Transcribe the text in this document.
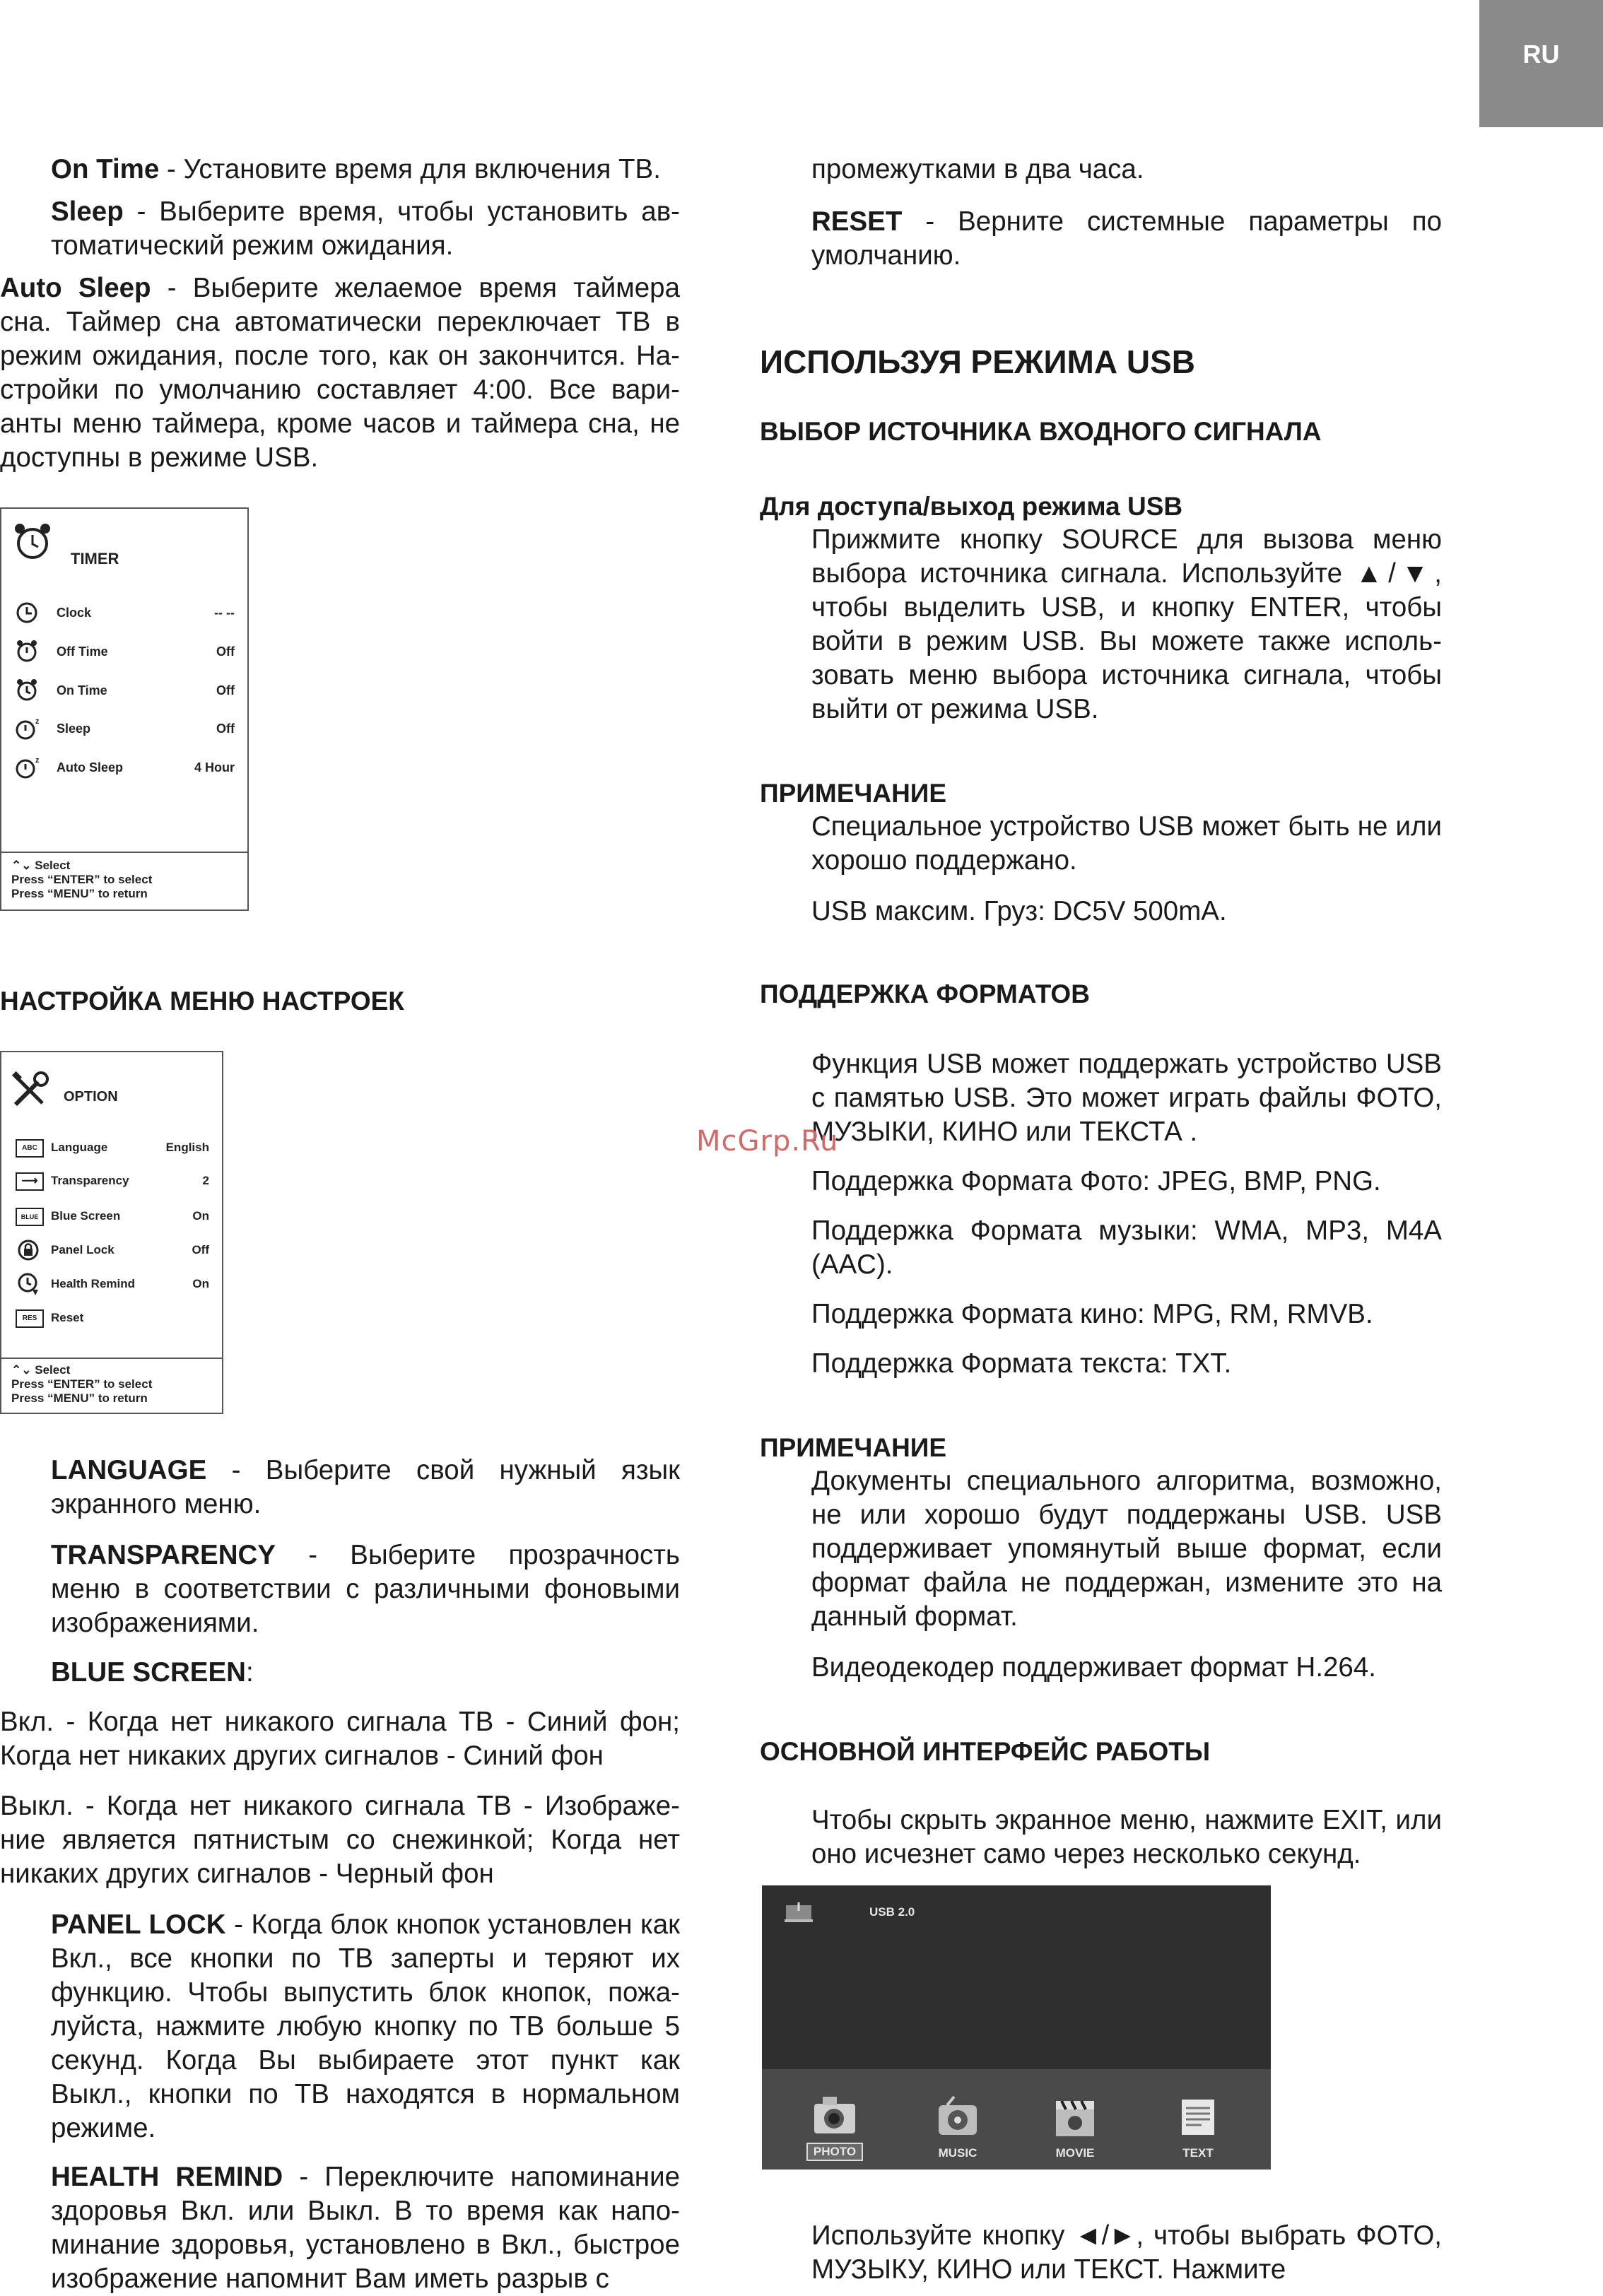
RU
On Time - Установите время для включения ТВ.
Sleep - Выберите время, чтобы установить автоматический режим ожидания.
Auto Sleep - Выберите желаемое время таймера сна. Таймер сна автоматически переключает ТВ в режим ожидания, после того, как он закончится. Настройки по умолчанию составляет 4:00. Все варианты меню таймера, кроме часов и таймера сна, не доступны в режиме USB.
TIMER
Clock	-- --
Off Time	Off
On Time	Off
z Sleep	Off
z Auto Sleep	4 Hour
⌃⌄ Select
Press “ENTER” to select
Press “MENU” to return
НАСТРОЙКА МЕНЮ НАСТРОЕК
OPTION
ABC	Language	English
⟶	Transparency	2
BLUE	Blue Screen	On
Panel Lock	Off
Health Remind	On
RES	Reset
⌃⌄ Select
Press “ENTER” to select
Press “MENU” to return
LANGUAGE - Выберите свой нужный язык экранного меню.
TRANSPARENCY - Выберите прозрачность меню в соответствии с различными фоновыми изображениями.
BLUE SCREEN:
Вкл. - Когда нет никакого сигнала ТВ - Синий фон; Когда нет никаких других сигналов - Синий фон
Выкл. - Когда нет никакого сигнала ТВ - Изображение является пятнистым со снежинкой; Когда нет никаких других сигналов - Черный фон
PANEL LOCK - Когда блок кнопок установлен как Вкл., все кнопки по ТВ заперты и теряют их функцию. Чтобы выпустить блок кнопок, пожалуйста, нажмите любую кнопку по ТВ больше 5 секунд. Когда Вы выбираете этот пункт как Выкл., кнопки по ТВ находятся в нормальном режиме.
HEALTH REMIND - Переключите напоминание здоровья Вкл. или Выкл. В то время как напоминание здоровья, установлено в Вкл., быстрое изображение напомнит Вам иметь разрыв с
промежутками в два часа.
RESET - Верните системные параметры по умолчанию.
ИСПОЛЬЗУЯ РЕЖИМА USB
ВЫБОР ИСТОЧНИКА ВХОДНОГО СИГНАЛА
Для доступа/выход режима USB
Прижмите кнопку SOURCE для вызова меню выбора источника сигнала. Используйте ▲/▼, чтобы выделить USB, и кнопку ENTER, чтобы войти в режим USB. Вы можете также использовать меню выбора источника сигнала, чтобы выйти от режима USB.
ПРИМЕЧАНИЕ
Специальное устройство USB может быть не или хорошо поддержано.
USB максим. Груз: DC5V 500mA.
ПОДДЕРЖКА ФОРМАТОВ
Функция USB может поддержать устройство USB с памятью USB. Это может играть файлы ФОТО, МУЗЫКИ, КИНО или ТЕКСТА .
Поддержка Формата Фото: JPEG, BMP, PNG.
Поддержка Формата музыки: WMA, MP3, M4A (AAC).
Поддержка Формата кино: MPG, RM, RMVB.
Поддержка Формата текста: TXT.
ПРИМЕЧАНИЕ
Документы специального алгоритма, возможно, не или хорошо будут поддержаны USB. USB поддерживает упомянутый выше формат, если формат файла не поддержан, измените это на данный формат.
Видеодекодер поддерживает формат H.264.
ОСНОВНОЙ ИНТЕРФЕЙС РАБОТЫ
Чтобы скрыть экранное меню, нажмите EXIT, или оно исчезнет само через несколько секунд.
USB 2.0

PHOTO	MUSIC	MOVIE	TEXT
Используйте кнопку ◄/►, чтобы выбрать ФОТО, МУЗЫКУ, КИНО или ТЕКСТ. Нажмите
McGrp.Ru
